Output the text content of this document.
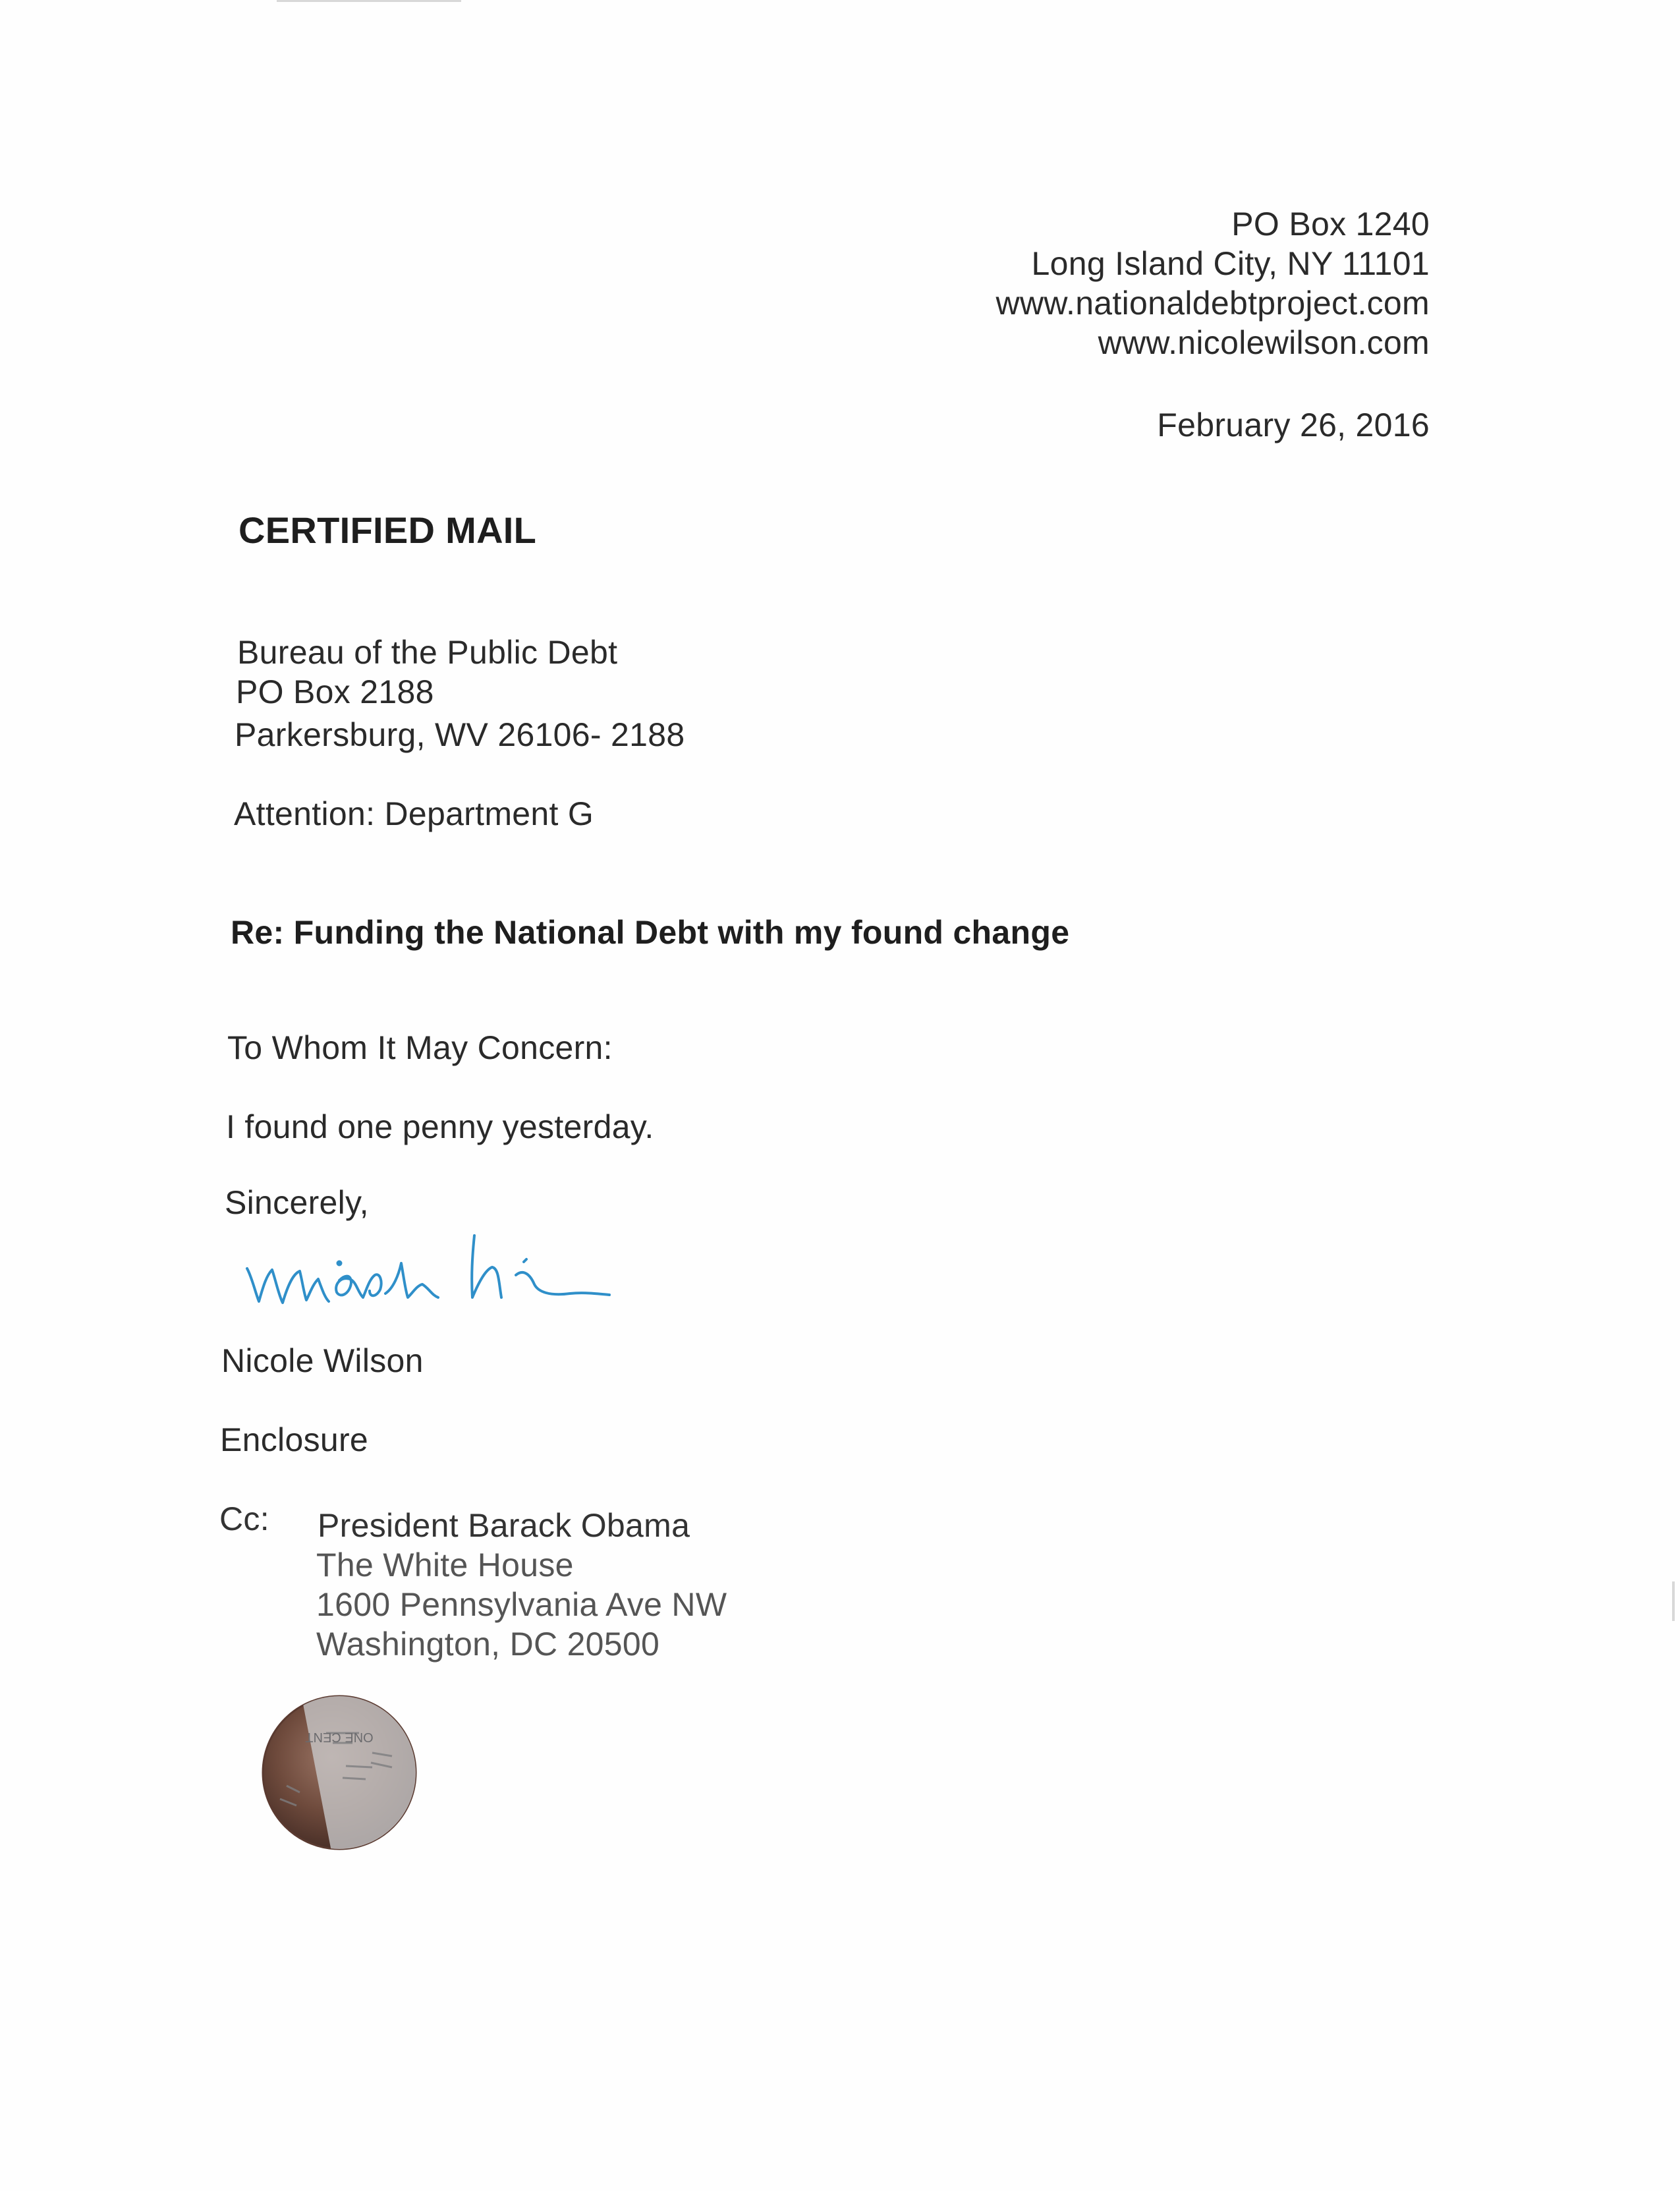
PO Box 1240
Long Island City, NY 11101
www.nationaldebtproject.com
www.nicolewilson.com
February 26, 2016
CERTIFIED MAIL
Bureau of the Public Debt
PO Box 2188
Parkersburg, WV 26106- 2188
Attention: Department G
Re: Funding the National Debt with my found change
To Whom It May Concern:
I found one penny yesterday.
Sincerely,
Nicole Wilson
Enclosure
Cc: President Barack Obama
The White House
1600 Pennsylvania Ave NW
Washington, DC 20500
ONE CENT
